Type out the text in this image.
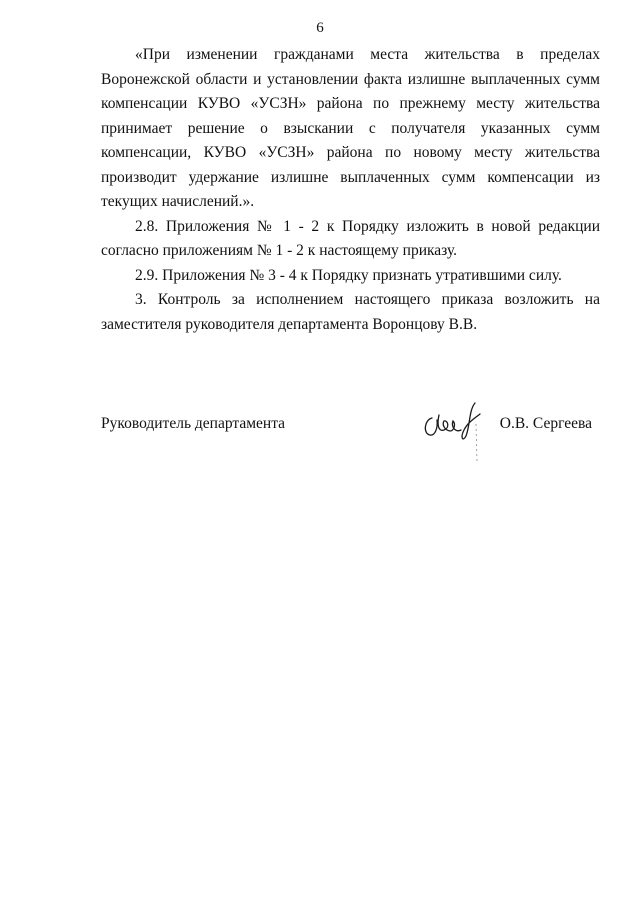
6

«При изменении гражданами места жительства в пределах Воронежской области и установлении факта излишне выплаченных сумм компенсации КУВО «УСЗН» района по прежнему месту жительства принимает решение о взыскании с получателя указанных сумм компенсации, КУВО «УСЗН» района по новому месту жительства производит удержание излишне выплаченных сумм компенсации из текущих начислений.».

2.8. Приложения № 1 - 2 к Порядку изложить в новой редакции согласно приложениям № 1 - 2 к настоящему приказу.

2.9. Приложения № 3 - 4 к Порядку признать утратившими силу.

3. Контроль за исполнением настоящего приказа возложить на заместителя руководителя департамента Воронцову В.В.

Руководитель департамента	О.В. Сергеева
